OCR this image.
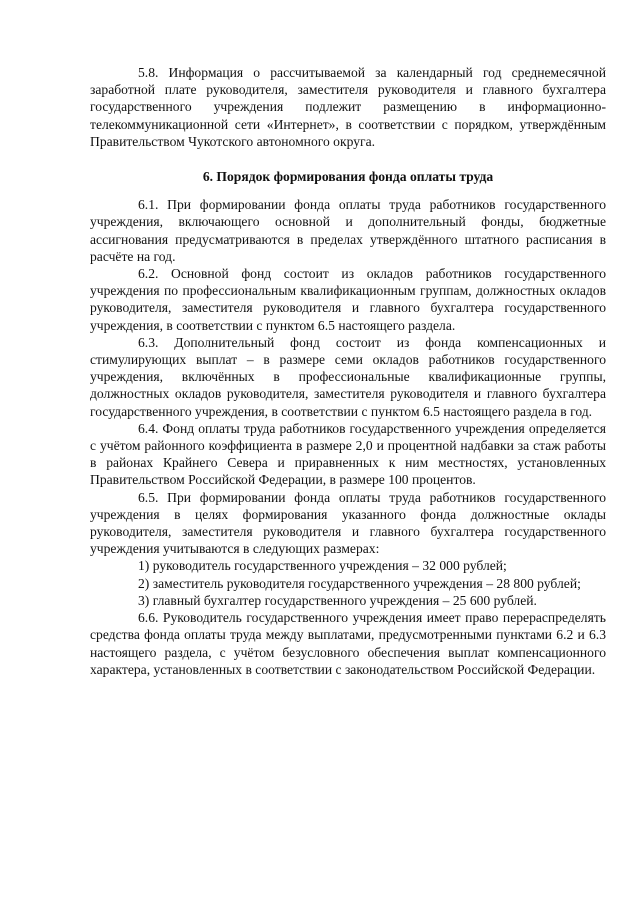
5.8. Информация о рассчитываемой за календарный год среднемесячной заработной плате руководителя, заместителя руководителя и главного бухгалтера государственного учреждения подлежит размещению в информационно-телекоммуникационной сети «Интернет», в соответствии с порядком, утверждённым Правительством Чукотского автономного округа.

6. Порядок формирования фонда оплаты труда

6.1. При формировании фонда оплаты труда работников государственного учреждения, включающего основной и дополнительный фонды, бюджетные ассигнования предусматриваются в пределах утверждённого штатного расписания в расчёте на год.

6.2. Основной фонд состоит из окладов работников государственного учреждения по профессиональным квалификационным группам, должностных окладов руководителя, заместителя руководителя и главного бухгалтера государственного учреждения, в соответствии с пунктом 6.5 настоящего раздела.

6.3. Дополнительный фонд состоит из фонда компенсационных и стимулирующих выплат – в размере семи окладов работников государственного учреждения, включённых в профессиональные квалификационные группы, должностных окладов руководителя, заместителя руководителя и главного бухгалтера государственного учреждения, в соответствии с пунктом 6.5 настоящего раздела в год.

6.4. Фонд оплаты труда работников государственного учреждения определяется с учётом районного коэффициента в размере 2,0 и процентной надбавки за стаж работы в районах Крайнего Севера и приравненных к ним местностях, установленных Правительством Российской Федерации, в размере 100 процентов.

6.5. При формировании фонда оплаты труда работников государственного учреждения в целях формирования указанного фонда должностные оклады руководителя, заместителя руководителя и главного бухгалтера государственного учреждения учитываются в следующих размерах:

1) руководитель государственного учреждения – 32 000 рублей;

2) заместитель руководителя государственного учреждения – 28 800 рублей;

3) главный бухгалтер государственного учреждения – 25 600 рублей.

6.6. Руководитель государственного учреждения имеет право перераспределять средства фонда оплаты труда между выплатами, предусмотренными пунктами 6.2 и 6.3 настоящего раздела, с учётом безусловного обеспечения выплат компенсационного характера, установленных в соответствии с законодательством Российской Федерации.
